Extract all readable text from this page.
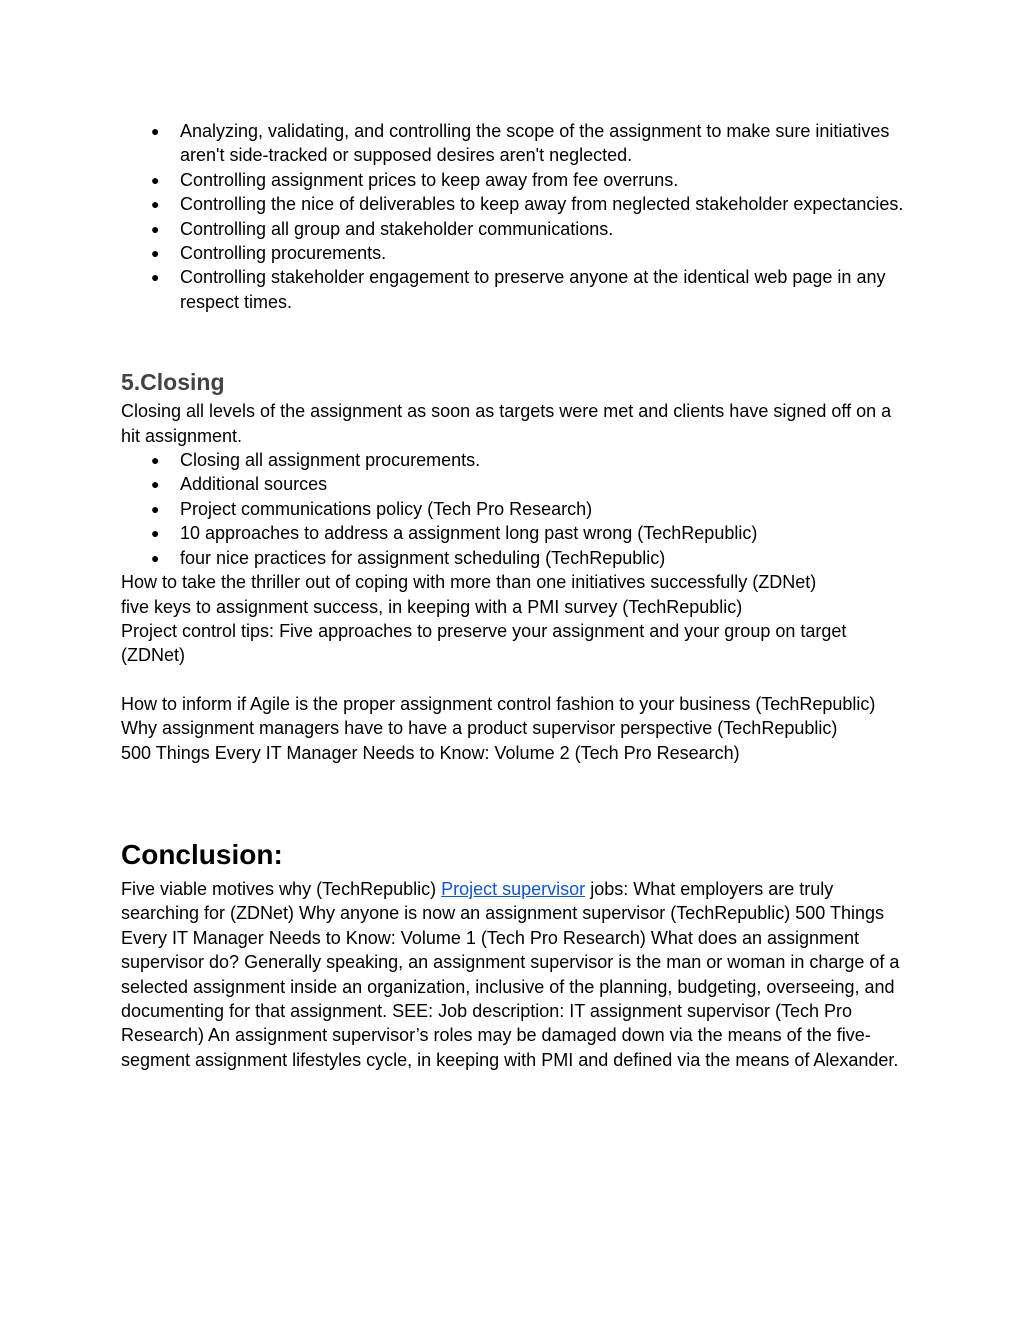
● Analyzing, validating, and controlling the scope of the assignment to make sure initiatives aren't side-tracked or supposed desires aren't neglected.
● Controlling assignment prices to keep away from fee overruns.
● Controlling the nice of deliverables to keep away from neglected stakeholder expectancies.
● Controlling all group and stakeholder communications.
● Controlling procurements.
● Controlling stakeholder engagement to preserve anyone at the identical web page in any respect times.
5.Closing
Closing all levels of the assignment as soon as targets were met and clients have signed off on a hit assignment.
● Closing all assignment procurements.
● Additional sources
● Project communications policy (Tech Pro Research)
● 10 approaches to address a assignment long past wrong (TechRepublic)
● four nice practices for assignment scheduling (TechRepublic)
How to take the thriller out of coping with more than one initiatives successfully (ZDNet)
five keys to assignment success, in keeping with a PMI survey (TechRepublic)
Project control tips: Five approaches to preserve your assignment and your group on target (ZDNet)
How to inform if Agile is the proper assignment control fashion to your business (TechRepublic)
Why assignment managers have to have a product supervisor perspective (TechRepublic)
500 Things Every IT Manager Needs to Know: Volume 2 (Tech Pro Research)
Conclusion:
Five viable motives why (TechRepublic) Project supervisor jobs: What employers are truly searching for (ZDNet) Why anyone is now an assignment supervisor (TechRepublic) 500 Things Every IT Manager Needs to Know: Volume 1 (Tech Pro Research) What does an assignment supervisor do? Generally speaking, an assignment supervisor is the man or woman in charge of a selected assignment inside an organization, inclusive of the planning, budgeting, overseeing, and documenting for that assignment. SEE: Job description: IT assignment supervisor (Tech Pro Research) An assignment supervisor’s roles may be damaged down via the means of the five-segment assignment lifestyles cycle, in keeping with PMI and defined via the means of Alexander.
